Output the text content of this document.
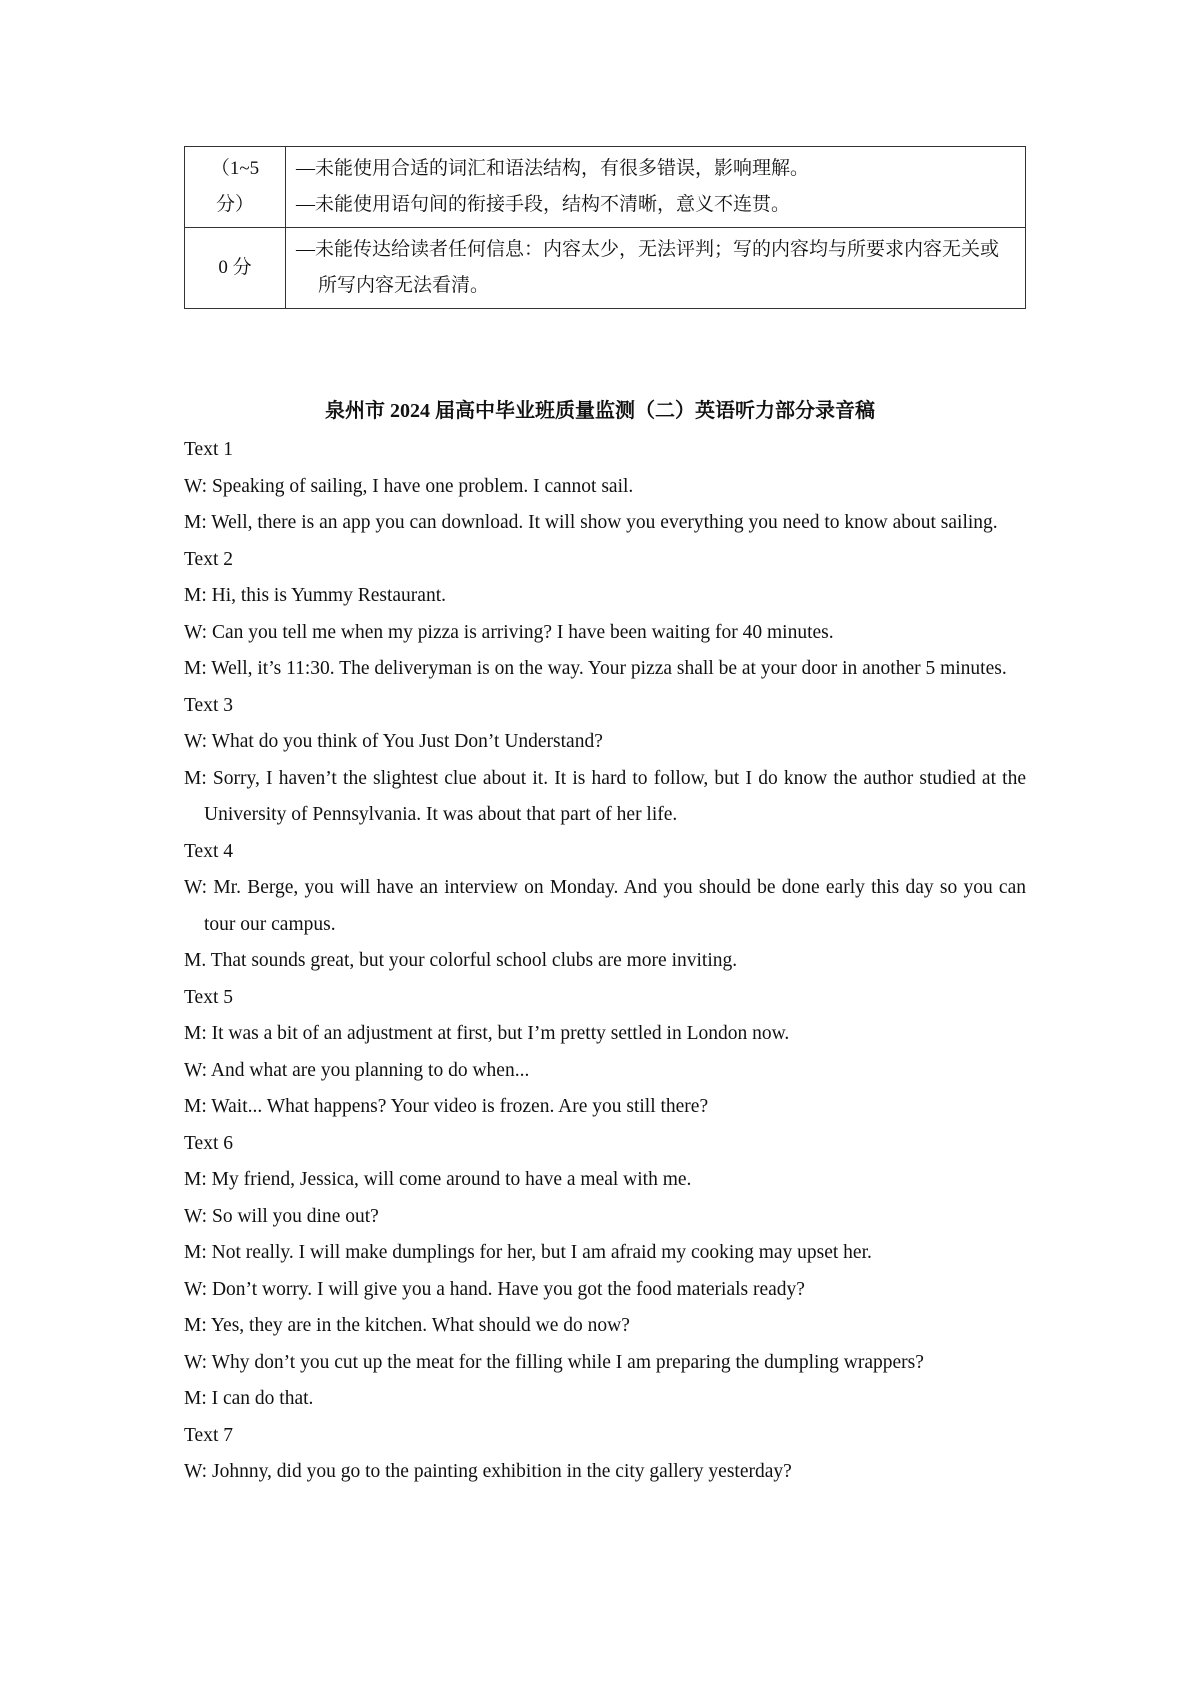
（1~5 分）	—未能使用合适的词汇和语法结构，有很多错误，影响理解。
—未能使用语句间的衔接手段，结构不清晰，意义不连贯。

0 分	—未能传达给读者任何信息：内容太少，无法评判；写的内容均与所要求内容无关或所写内容无法看清。
泉州市 2024 届高中毕业班质量监测（二）英语听力部分录音稿

Text 1

W: Speaking of sailing, I have one problem. I cannot sail.

M: Well, there is an app you can download. It will show you everything you need to know about sailing.

Text 2

M: Hi, this is Yummy Restaurant.

W: Can you tell me when my pizza is arriving? I have been waiting for 40 minutes.

M: Well, it’s 11:30. The deliveryman is on the way. Your pizza shall be at your door in another 5 minutes.

Text 3

W: What do you think of You Just Don’t Understand?

M: Sorry, I haven’t the slightest clue about it. It is hard to follow, but I do know the author studied at the University of Pennsylvania. It was about that part of her life.

Text 4

W: Mr. Berge, you will have an interview on Monday. And you should be done early this day so you can tour our campus.

M. That sounds great, but your colorful school clubs are more inviting.

Text 5

M: It was a bit of an adjustment at first, but I’m pretty settled in London now.

W: And what are you planning to do when...

M: Wait... What happens? Your video is frozen. Are you still there?

Text 6

M: My friend, Jessica, will come around to have a meal with me.

W: So will you dine out?

M: Not really. I will make dumplings for her, but I am afraid my cooking may upset her.

W: Don’t worry. I will give you a hand. Have you got the food materials ready?

M: Yes, they are in the kitchen. What should we do now?

W: Why don’t you cut up the meat for the filling while I am preparing the dumpling wrappers?

M: I can do that.

Text 7

W: Johnny, did you go to the painting exhibition in the city gallery yesterday?
